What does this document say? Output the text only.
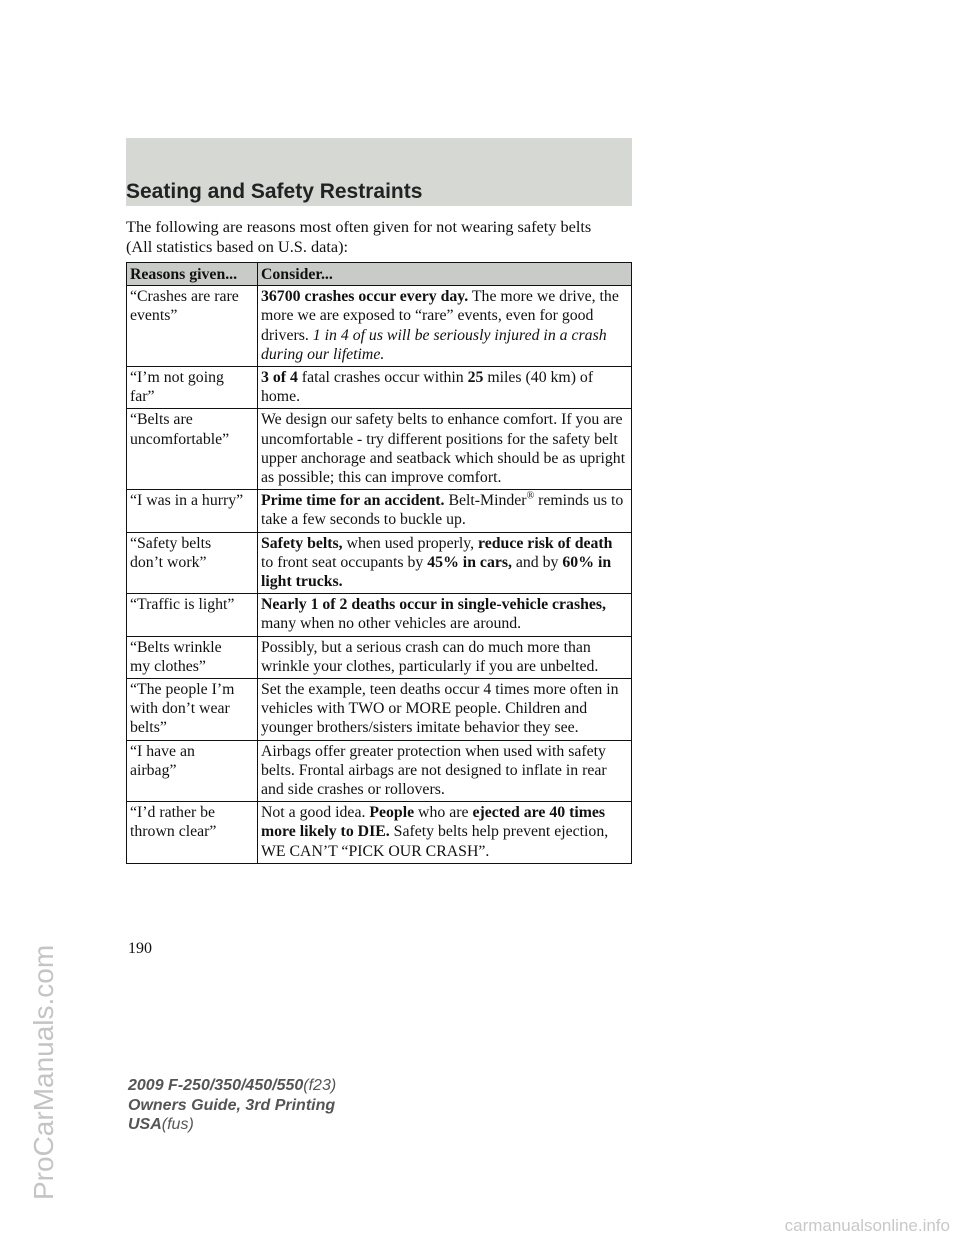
Seating and Safety Restraints
The following are reasons most often given for not wearing safety belts
(All statistics based on U.S. data):
Reasons given...	Consider...
“Crashes are rare
events”	36700 crashes occur every day. The more we drive, the more we are exposed to “rare” events, even for good drivers. 1 in 4 of us will be seriously injured in a crash during our lifetime.
“I’m not going
far”	3 of 4 fatal crashes occur within 25 miles (40 km) of home.
“Belts are
uncomfortable”	We design our safety belts to enhance comfort. If you are uncomfortable - try different positions for the safety belt upper anchorage and seatback which should be as upright as possible; this can improve comfort.
“I was in a hurry”	Prime time for an accident. Belt-Minder® reminds us to take a few seconds to buckle up.
“Safety belts
don’t work”	Safety belts, when used properly, reduce risk of death to front seat occupants by 45% in cars, and by 60% in light trucks.
“Traffic is light”	Nearly 1 of 2 deaths occur in single-vehicle crashes, many when no other vehicles are around.
“Belts wrinkle
my clothes”	Possibly, but a serious crash can do much more than wrinkle your clothes, particularly if you are unbelted.
“The people I’m
with don’t wear
belts”	Set the example, teen deaths occur 4 times more often in vehicles with TWO or MORE people. Children and younger brothers/sisters imitate behavior they see.
“I have an
airbag”	Airbags offer greater protection when used with safety belts. Frontal airbags are not designed to inflate in rear and side crashes or rollovers.
“I’d rather be
thrown clear”	Not a good idea. People who are ejected are 40 times more likely to DIE. Safety belts help prevent ejection, WE CAN’T “PICK OUR CRASH”.
190
2009 F-250/350/450/550(f23)
Owners Guide, 3rd Printing
USA(fus)
ProCarManuals.com
carmanualsonline.info
